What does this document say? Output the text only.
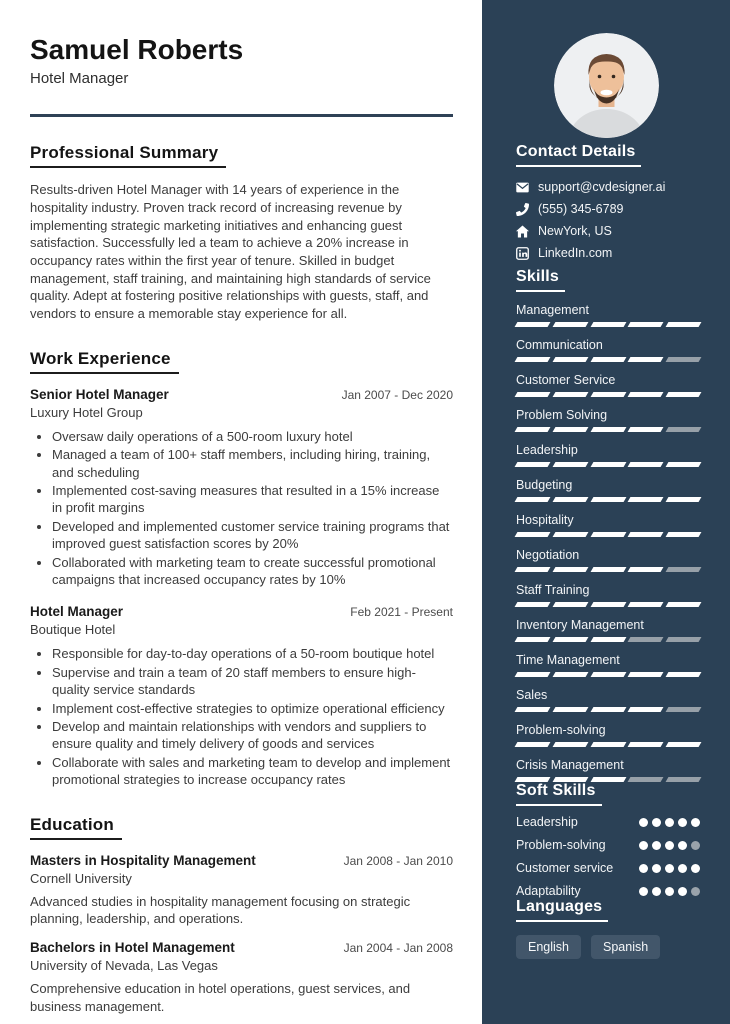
Samuel Roberts
Hotel Manager
Professional Summary

Results-driven Hotel Manager with 14 years of experience in the hospitality industry. Proven track record of increasing revenue by implementing strategic marketing initiatives and enhancing guest satisfaction. Successfully led a team to achieve a 20% increase in occupancy rates within the first year of tenure. Skilled in budget management, staff training, and maintaining high standards of service quality. Adept at fostering positive relationships with guests, staff, and vendors to ensure a memorable stay experience for all.

Work Experience
Senior Hotel Manager	Jan 2007 - Dec 2020
Luxury Hotel Group
• Oversaw daily operations of a 500-room luxury hotel
• Managed a team of 100+ staff members, including hiring, training, and scheduling
• Implemented cost-saving measures that resulted in a 15% increase in profit margins
• Developed and implemented customer service training programs that improved guest satisfaction scores by 20%
• Collaborated with marketing team to create successful promotional campaigns that increased occupancy rates by 10%
Hotel Manager	Feb 2021 - Present
Boutique Hotel
• Responsible for day-to-day operations of a 50-room boutique hotel
• Supervise and train a team of 20 staff members to ensure high-quality service standards
• Implement cost-effective strategies to optimize operational efficiency
• Develop and maintain relationships with vendors and suppliers to ensure quality and timely delivery of goods and services
• Collaborate with sales and marketing team to develop and implement promotional strategies to increase occupancy rates
Education
Masters in Hospitality Management	Jan 2008 - Jan 2010
Cornell University

Advanced studies in hospitality management focusing on strategic planning, leadership, and operations.

Bachelors in Hotel Management	Jan 2004 - Jan 2008
University of Nevada, Las Vegas

Comprehensive education in hotel operations, guest services, and business management.

Contact Details
support@cvdesigner.ai
(555) 345-6789
NewYork, US
LinkedIn.com
Skills
Management
Communication
Customer Service
Problem Solving
Leadership
Budgeting
Hospitality
Negotiation
Staff Training
Inventory Management
Time Management
Sales
Problem-solving
Crisis Management
Soft Skills
Leadership
Problem-solving
Customer service
Adaptability
Languages
English	Spanish
